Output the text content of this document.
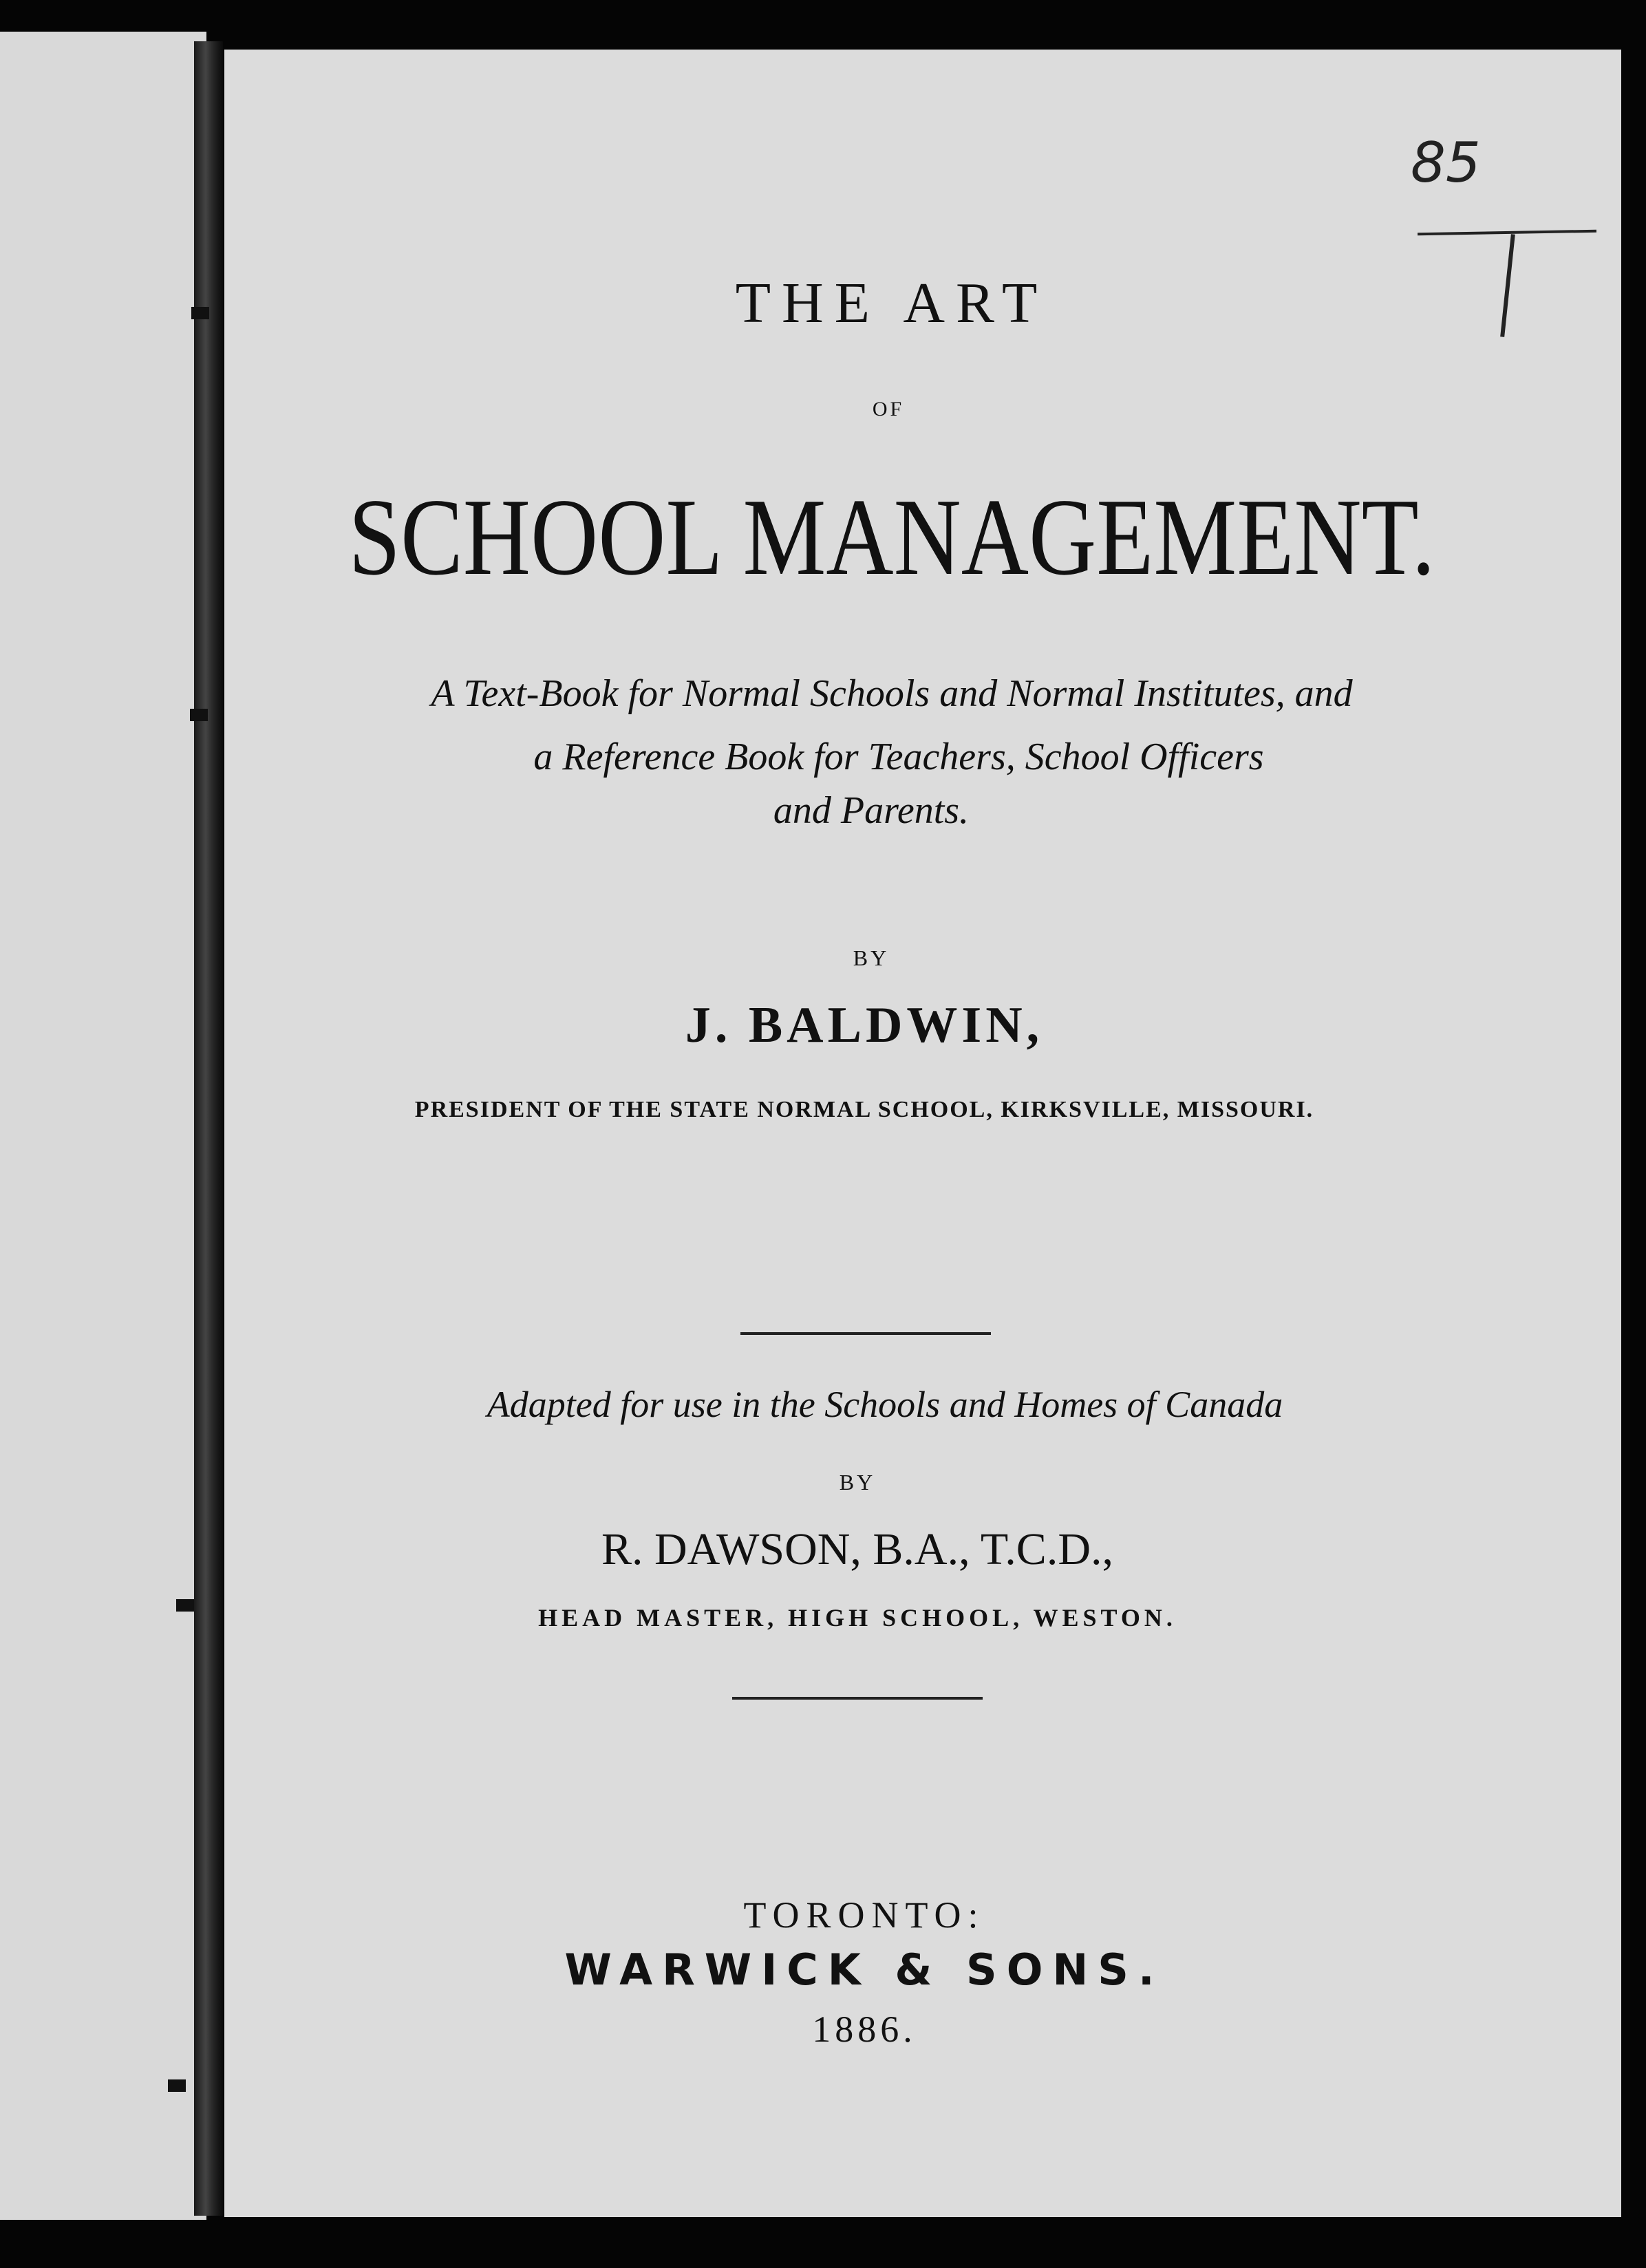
85

THE ART

OF

SCHOOL MANAGEMENT.

A Text-Book for Normal Schools and Normal Institutes, and

a Reference Book for Teachers, School Officers

and Parents.

BY

J. BALDWIN,

PRESIDENT OF THE STATE NORMAL SCHOOL, KIRKSVILLE, MISSOURI.

Adapted for use in the Schools and Homes of Canada

BY

R. DAWSON, B.A., T.C.D.,

HEAD MASTER, HIGH SCHOOL, WESTON.

TORONTO:

WARWICK & SONS.

1886.
